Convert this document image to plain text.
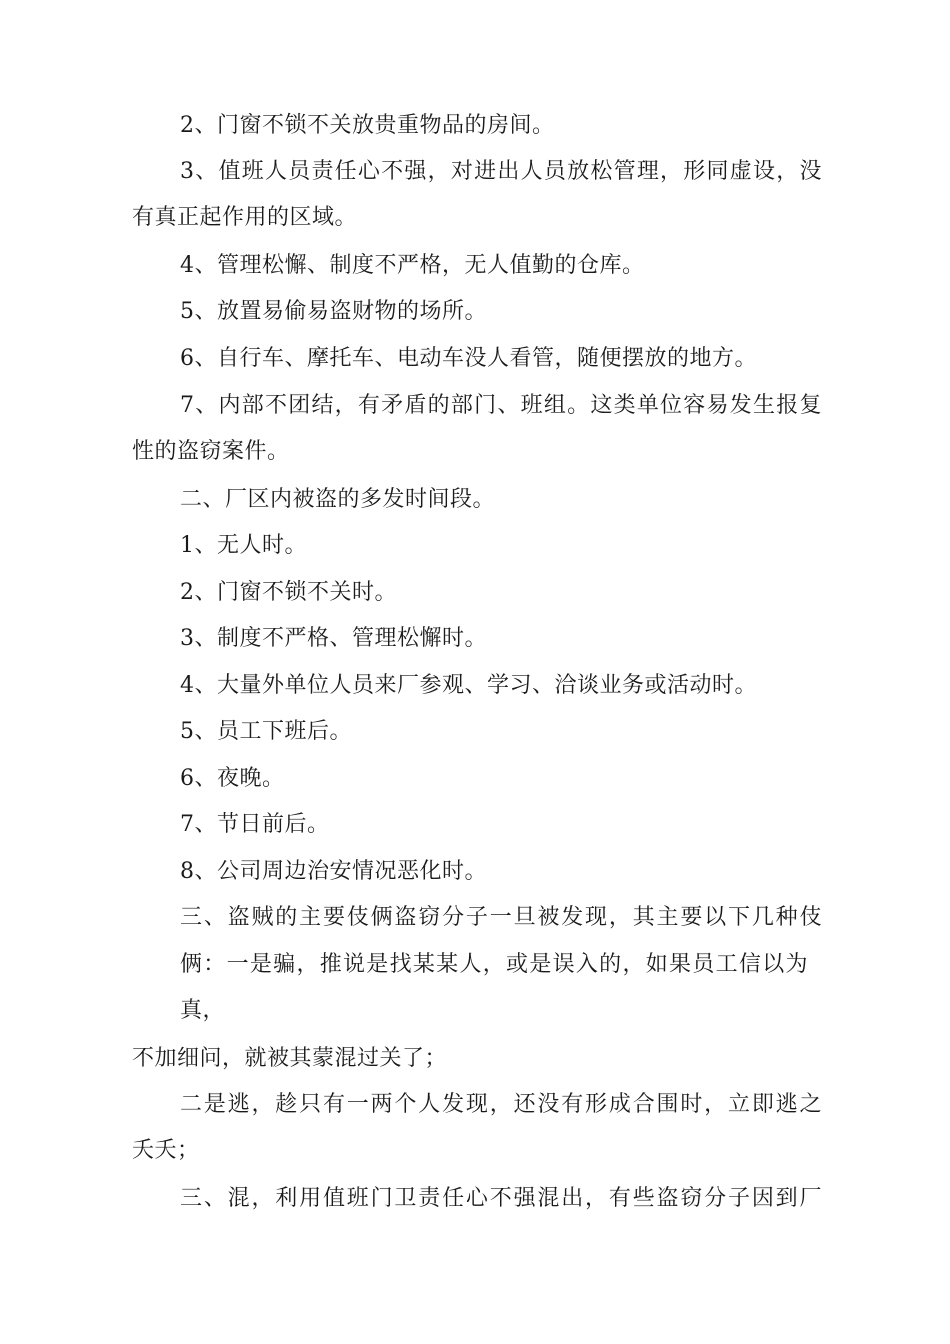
2、门窗不锁不关放贵重物品的房间。
3、值班人员责任心不强，对进出人员放松管理，形同虚设，没
有真正起作用的区域。
4、管理松懈、制度不严格，无人值勤的仓库。
5、放置易偷易盗财物的场所。
6、自行车、摩托车、电动车没人看管，随便摆放的地方。
7、内部不团结，有矛盾的部门、班组。这类单位容易发生报复
性的盗窃案件。
二、厂区内被盗的多发时间段。
1、无人时。
2、门窗不锁不关时。
3、制度不严格、管理松懈时。
4、大量外单位人员来厂参观、学习、洽谈业务或活动时。
5、员工下班后。
6、夜晚。
7、节日前后。
8、公司周边治安情况恶化时。
三、盗贼的主要伎俩盗窃分子一旦被发现，其主要以下几种伎
俩：一是骗，推说是找某某人，或是误入的，如果员工信以为
真，
不加细问，就被其蒙混过关了；
二是逃，趁只有一两个人发现，还没有形成合围时，立即逃之
夭夭；
三、混，利用值班门卫责任心不强混出，有些盗窃分子因到厂
